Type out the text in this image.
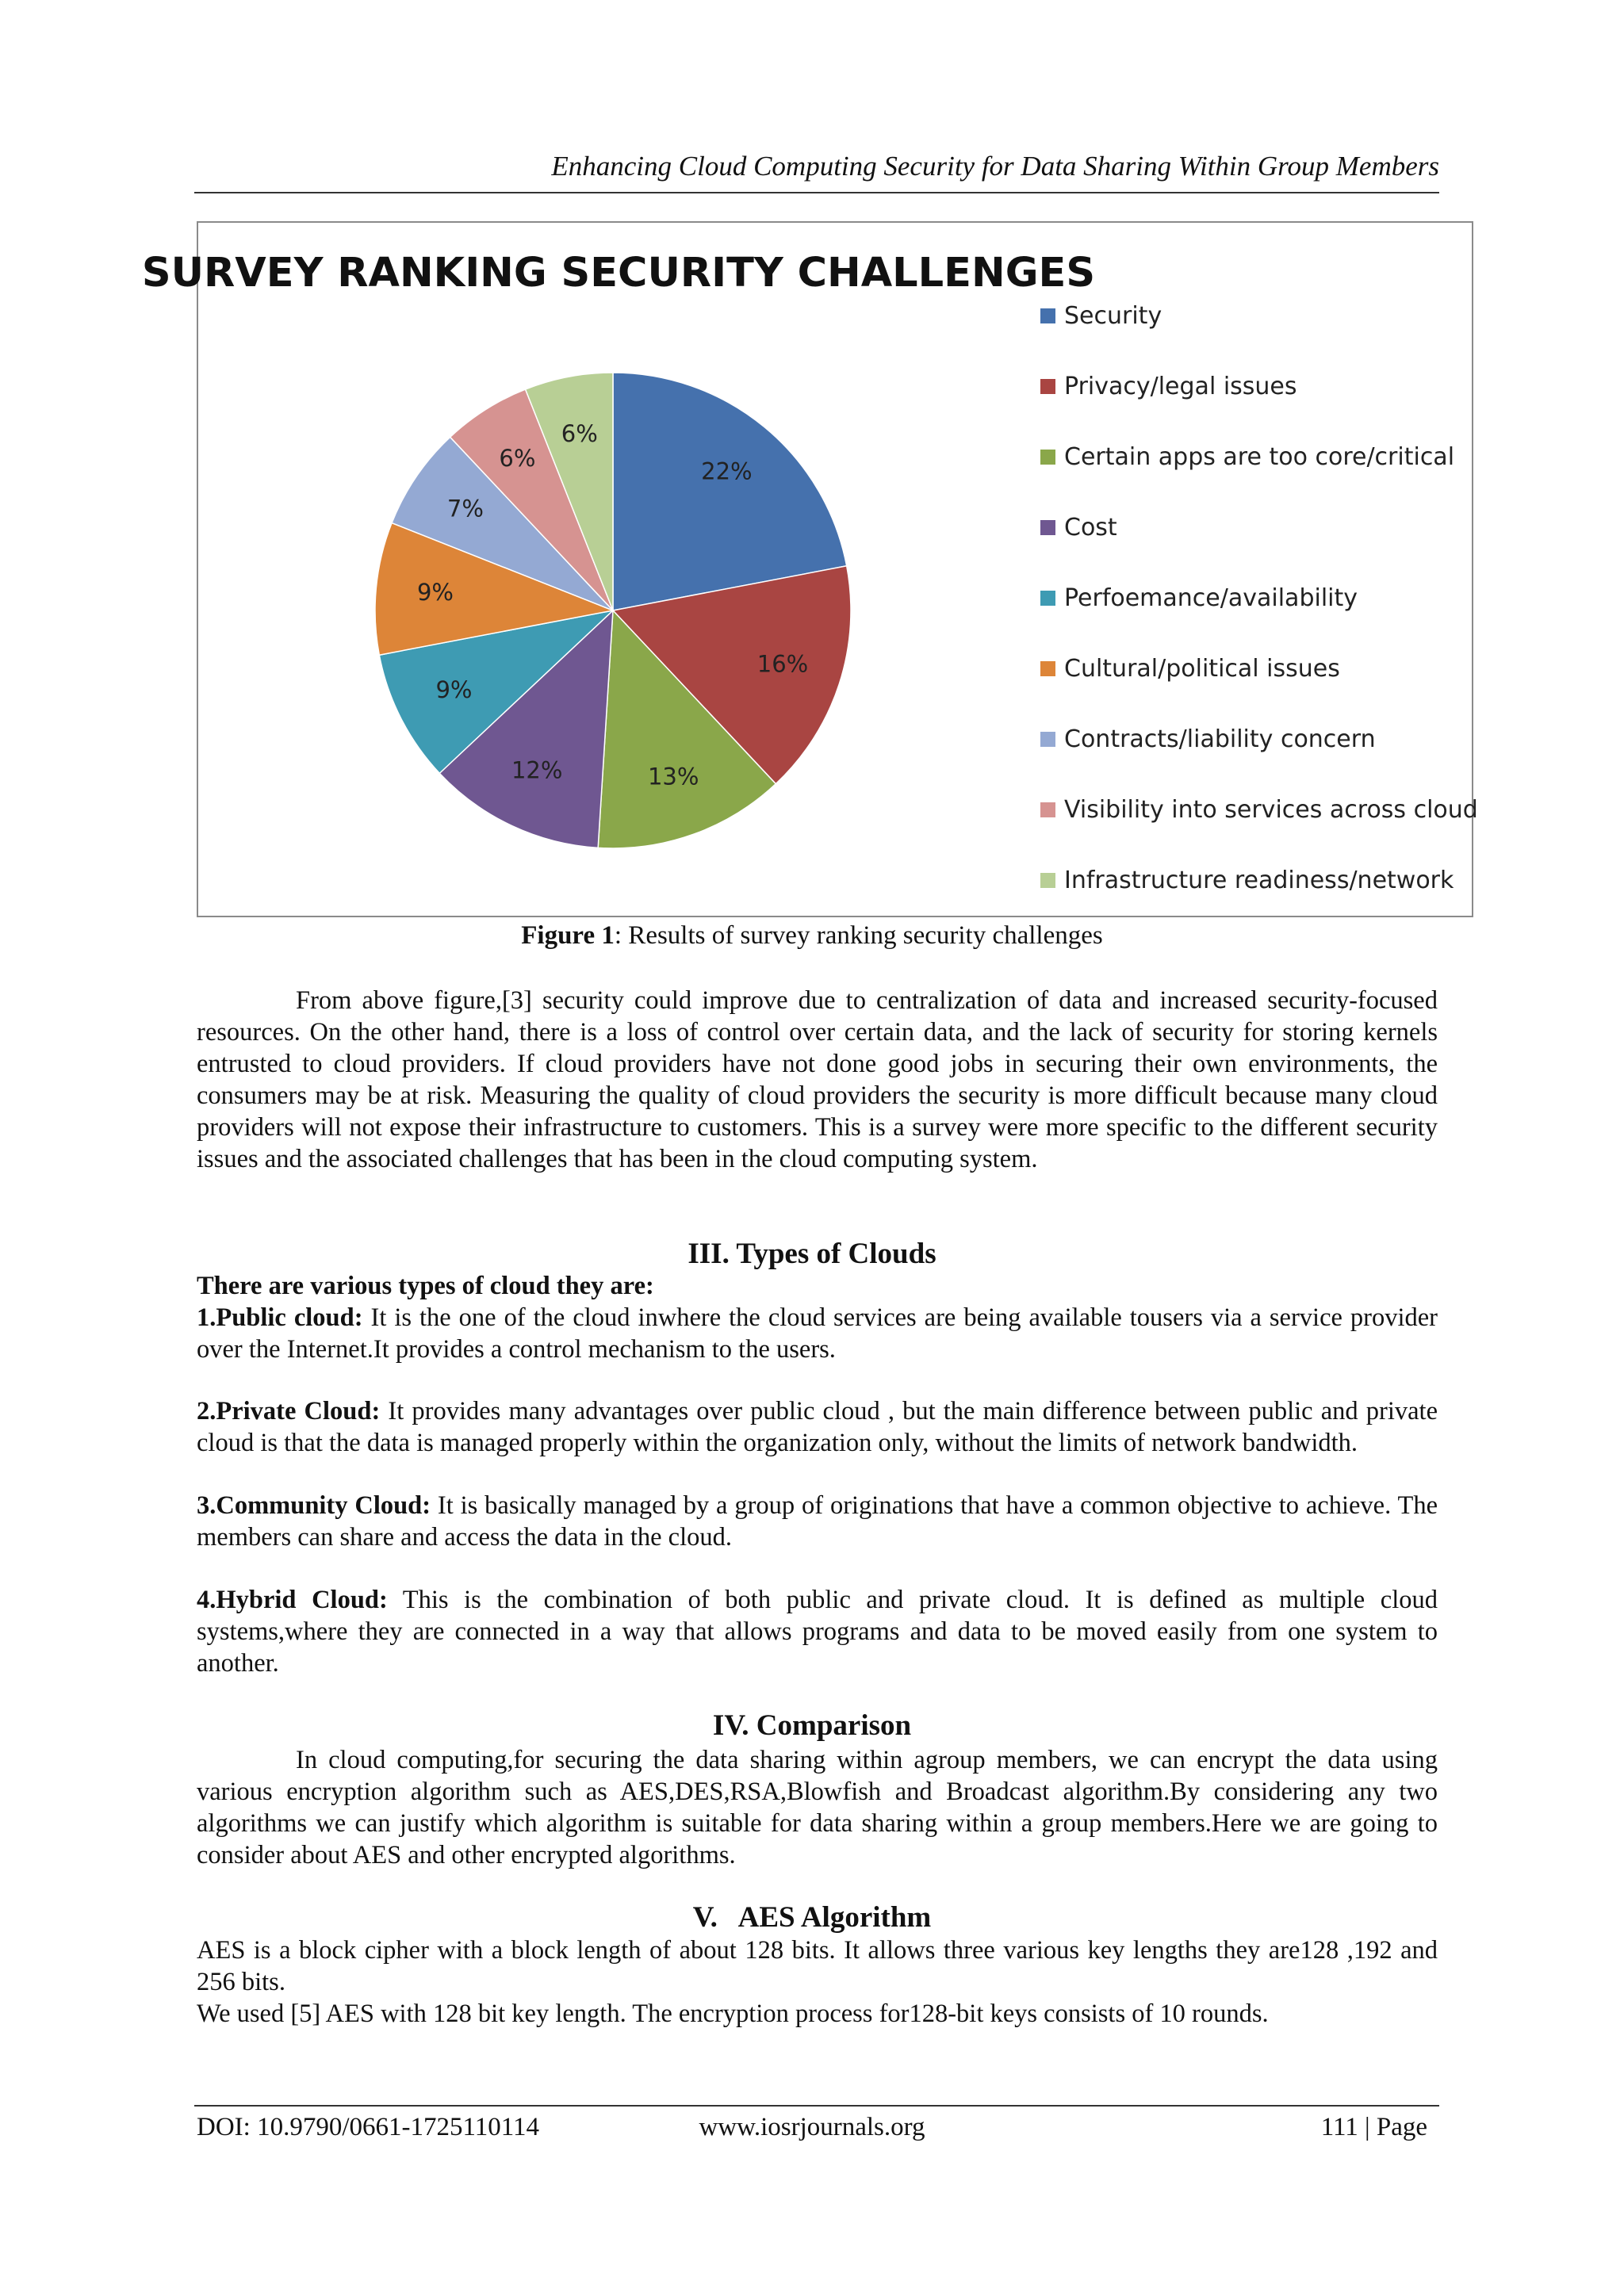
Enhancing Cloud Computing Security for Data Sharing Within Group Members
SURVEY RANKING SECURITY CHALLENGES
22%
16%
13%
12%
9%
9%
7%
6%
6%
Security
Privacy/legal issues
Certain apps are too core/critical
Cost
Perfoemance/availability
Cultural/political issues
Contracts/liability concern
Visibility into services across cloud
Infrastructure readiness/network
Figure 1: Results of survey ranking security challenges
From above figure,[3] security could improve due to centralization of data and increased security-focused resources. On the other hand, there is a loss of control over certain data, and the lack of security for storing kernels entrusted to cloud providers. If cloud providers have not done good jobs in securing their own environments, the consumers may be at risk. Measuring the quality of cloud providers the security is more difficult because many cloud providers will not expose their infrastructure to customers. This is a survey were more specific to the different security issues and the associated challenges that has been in the cloud computing system.
III. Types of Clouds
There are various types of cloud they are:
1.Public cloud: It is the one of the cloud inwhere the cloud services are being available tousers via a service provider over the Internet.It provides a control mechanism to the users.
2.Private Cloud: It provides many advantages over public cloud , but the main difference between public and private cloud is that the data is managed properly within the organization only, without the limits of network bandwidth.
3.Community Cloud: It is basically managed by a group of originations that have a common objective to achieve. The members can share and access the data in the cloud.
4.Hybrid Cloud: This is the combination of both public and private cloud. It is defined as multiple cloud systems,where they are connected in a way that allows programs and data to be moved easily from one system to another.
IV. Comparison
In cloud computing,for securing the data sharing within agroup members, we can encrypt the data using various encryption algorithm such as AES,DES,RSA,Blowfish and Broadcast algorithm.By considering any two algorithms we can justify which algorithm is suitable for data sharing within a group members.Here we are going to consider about AES and other encrypted algorithms.
V.   AES Algorithm
AES is a block cipher with a block length of about 128 bits. It allows three various key lengths they are128 ,192 and 256 bits.
We used [5] AES with 128 bit key length. The encryption process for128-bit keys consists of 10 rounds.
DOI: 10.9790/0661-1725110114	www.iosrjournals.org	111 | Page
